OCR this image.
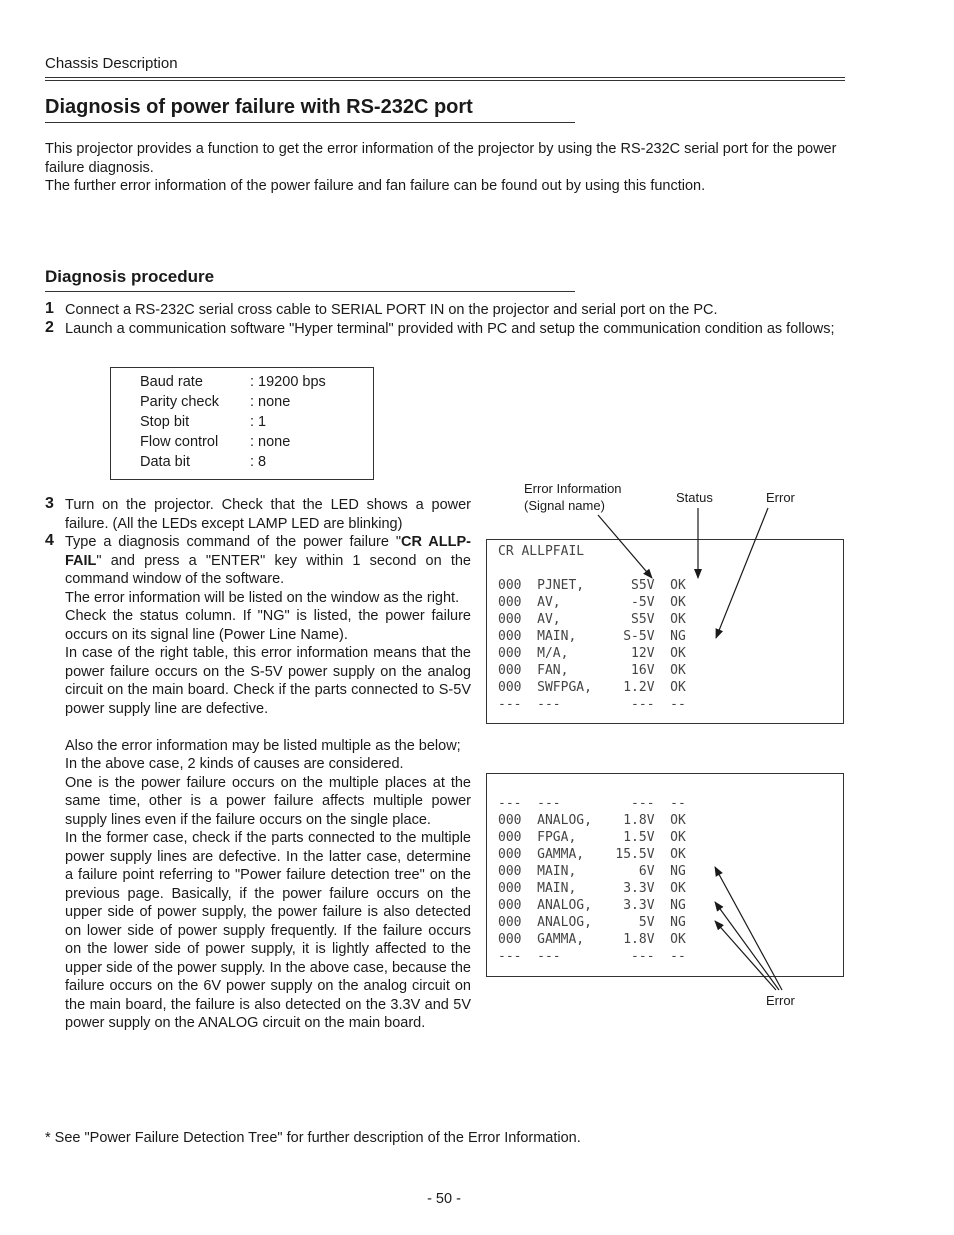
Chassis Description
Diagnosis of power failure with RS-232C port

This projector provides a function to get the error information of the projector by using the RS-232C serial port for the power failure diagnosis.

The further error information of the power failure and fan failure can be found out by using this function.

Diagnosis procedure
1 Connect a RS-232C serial cross cable to SERIAL PORT IN on the projector and serial port on the PC.
2 Launch a communication software "Hyper terminal" provided with PC and setup the communication condition as follows;
Baud rate	: 19200 bps
Parity check : none
Stop bit	: 1
Flow control : none
Data bit	: 8
3 Turn on the projector. Check that the LED shows a power failure. (All the LEDs except LAMP LED are blinking)

4 Type a diagnosis command of the power failure "CR ALLP-FAIL" and press a "ENTER" key within 1 second on the command window of the software.

The error information will be listed on the window as the right.

Check the status column. If "NG" is listed, the power failure occurs on its signal line (Power Line Name).

In case of the right table, this error information means that the power failure occurs on the S-5V power supply on the analog circuit on the main board. Check if the parts connected to S-5V power supply line are defective.

Also the error information may be listed multiple as the below;

In the above case, 2 kinds of causes are considered.

One is the power failure occurs on the multiple places at the same time, other is a power failure affects multiple power supply lines even if the failure occurs on the single place.

In the former case, check if the parts connected to the multiple power supply lines are defective. In the latter case, determine a failure point referring to "Power failure detection tree" on the previous page. Basically, if the power failure occurs on the upper side of power supply, the power failure is also detected on lower side of power supply frequently. If the failure occurs on the lower side of power supply, it is lightly affected to the upper side of the power supply. In the above case, because the failure occurs on the 6V power supply on the analog circuit on the main board, the failure is also detected on the 3.3V and 5V power supply on the ANALOG circuit on the main board.

Error Information
(Signal name)
Status	Error
CR ALLPFAIL
000  PJNET,      S5V  OK
000  AV,         -5V  OK
000  AV,         S5V  OK
000  MAIN,      S-5V  NG
000  M/A,        12V  OK
000  FAN,        16V  OK
000  SWFPGA,    1.2V  OK
---  ---         ---  --
---  ---         ---  --
000  ANALOG,    1.8V  OK
000  FPGA,      1.5V  OK
000  GAMMA,    15.5V  OK
000  MAIN,        6V  NG
000  MAIN,      3.3V  OK
000  ANALOG,    3.3V  NG
000  ANALOG,      5V  NG
000  GAMMA,     1.8V  OK
---  ---         ---  --
Error
* See "Power Failure Detection Tree" for further description of the Error Information.
- 50 -
